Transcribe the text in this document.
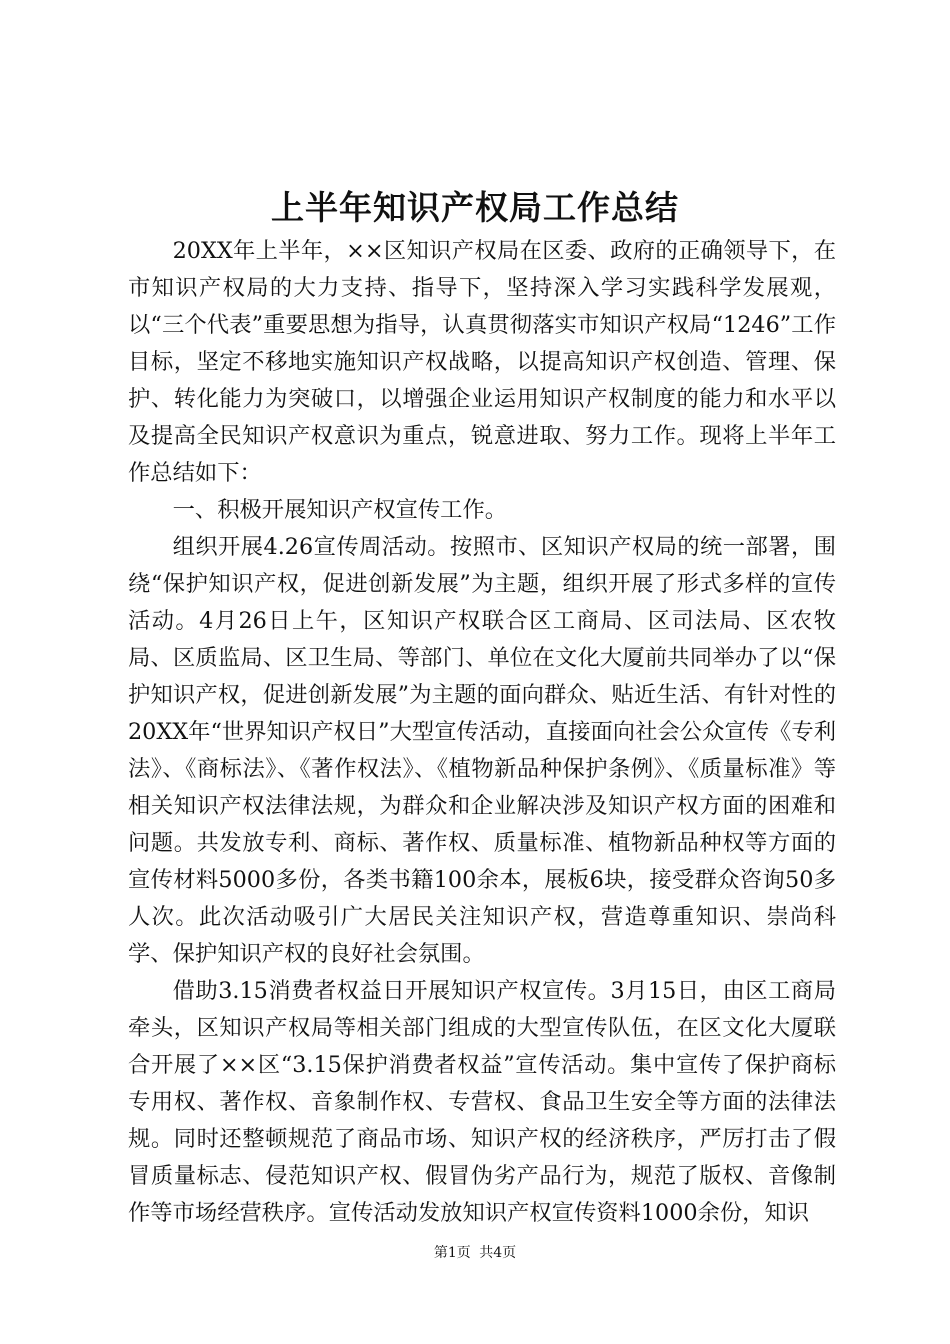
上半年知识产权局工作总结

20XX年上半年，××区知识产权局在区委、政府的正确领导下，在市知识产权局的大力支持、指导下，坚持深入学习实践科学发展观，以“三个代表”重要思想为指导，认真贯彻落实市知识产权局“1246”工作目标，坚定不移地实施知识产权战略，以提高知识产权创造、管理、保护、转化能力为突破口，以增强企业运用知识产权制度的能力和水平以及提高全民知识产权意识为重点，锐意进取、努力工作。现将上半年工作总结如下：

一、积极开展知识产权宣传工作。

组织开展4.26宣传周活动。按照市、区知识产权局的统一部署，围绕“保护知识产权，促进创新发展”为主题，组织开展了形式多样的宣传活动。4月26日上午，区知识产权联合区工商局、区司法局、区农牧局、区质监局、区卫生局、等部门、单位在文化大厦前共同举办了以“保护知识产权，促进创新发展”为主题的面向群众、贴近生活、有针对性的20XX年“世界知识产权日”大型宣传活动，直接面向社会公众宣传《专利法》、《商标法》、《著作权法》、《植物新品种保护条例》、《质量标准》等相关知识产权法律法规，为群众和企业解决涉及知识产权方面的困难和问题。共发放专利、商标、著作权、质量标准、植物新品种权等方面的宣传材料5000多份，各类书籍100余本，展板6块，接受群众咨询50多人次。此次活动吸引广大居民关注知识产权，营造尊重知识、崇尚科学、保护知识产权的良好社会氛围。

借助3.15消费者权益日开展知识产权宣传。3月15日，由区工商局牵头，区知识产权局等相关部门组成的大型宣传队伍，在区文化大厦联合开展了××区“3.15保护消费者权益”宣传活动。集中宣传了保护商标专用权、著作权、音象制作权、专营权、食品卫生安全等方面的法律法规。同时还整顿规范了商品市场、知识产权的经济秩序，严厉打击了假冒质量标志、侵范知识产权、假冒伪劣产品行为，规范了版权、音像制作等市场经营秩序。宣传活动发放知识产权宣传资料1000余份，知识

第1页 共4页
